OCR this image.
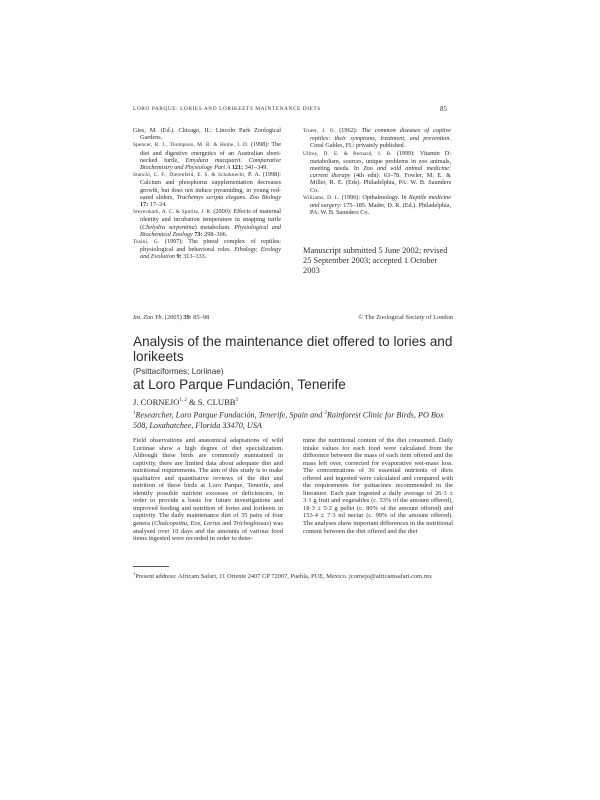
LORO PARQUE: LORIES AND LORIKEETS MAINTENANCE DIETS	85

Gies, M. (Ed.). Chicago, IL: Lincoln Park Zoological Gardens.

Spencer, R. J., Thompson, M. B. & Hume, I. D. (1998): The diet and digestive energetics of an Australian short-necked turtle, Emydura macquarii. Comparative Biochemistry and Physiology Part A 121: 341–349.

Stanchi, C. F., Dierenfeld, E. S. & Schoknecht, P. A. (1998): Calcium and phosphorus supplementation decreases growth, but does not induce pyramiding, in young red-eared sliders, Trachemys scripta elegans. Zoo Biology 17: 17–24.

Steyermark, A. C. & Spotila, J. R. (2000): Effects of maternal identity and incubation temperature in snapping turtle (Chelydra serpentina) metabolism. Physiological and Biochemical Zoology 73: 298–306.

Tosini, G. (1997): The pineal complex of reptiles: physiological and behavioral roles. Ethology, Ecology and Evolution 9: 313–333.

Truett, J. O. (1962): The common diseases of captive reptiles: their symptoms, treatment, and prevention. Coral Gables, FL: privately published.

Ullrey, D. E. & Bernard, J. B. (1999): Vitamin D: metabolism, sources, unique problems in zoo animals, meeting needs. In Zoo and wild animal medicine: current therapy (4th edn): 63–78. Fowler, M. E. & Miller, R. E. (Eds). Philadelphia, PA: W. B. Saunders Co.

Williams, D. L. (1996): Opthalmology. In Reptile medicine and surgery: 175–185. Mader, D. R. (Ed.). Philadelphia, PA: W. B. Saunders Co.

Manuscript submitted 5 June 2002; revised 25 September 2003; accepted 1 October 2003
Int. Zoo Yb. (2005) 39: 85–98	© The Zoological Society of London
Analysis of the maintenance diet offered to lories and lorikeets
(Psittaciformes; Loriinae)
at Loro Parque Fundación, Tenerife
J. CORNEJO$^{1, 2}$ & S. CLUBB$^3$
$^1$Researcher, Loro Parque Fundación, Tenerife, Spain and $^3$Rainforest Clinic for Birds, PO Box 508, Loxahatchee, Florida 33470, USA

Field observations and anatomical adaptations of wild Loriinae show a high degree of diet specialization. Although these birds are commonly maintained in captivity, there are limited data about adequate diet and nutritional requirements. The aim of this study is to make qualitative and quantitative reviews of the diet and nutrition of these birds at Loro Parque, Tenerife, and identify possible nutrient excesses or deficiencies, in order to provide a basis for future investigations and improved feeding and nutrition of lories and lorikeets in captivity. The daily maintenance diet of 35 pairs of four genera (Chalcopsitta, Eos, Lorius and Trichoglossus) was analysed over 10 days and the amounts of various food items ingested were recorded in order to deter-

mine the nutritional content of the diet consumed. Daily intake values for each food were calculated from the difference between the mass of each item offered and the mass left over, corrected for evaporative wet-mass loss. The concentrations of 36 essential nutrients of diets offered and ingested were calculated and compared with the requirements for psittacines recommended in the literature. Each pair ingested a daily average of 26·3 ± 3·1 g fruit and vegetables (c. 53% of the amount offered), 18·3 ± 5·2 g pellet (c. 80% of the amount offered) and 153·4 ± 7·3 ml nectar (c. 99% of the amount offered). The analyses show important differences in the nutritional content between the diet offered and the diet

$^1$Present address: Africam Safari, 11 Oriente 2407 CP 72007, Puebla, PUE, Mexico. jcornejo@africamsafari.com.mx
